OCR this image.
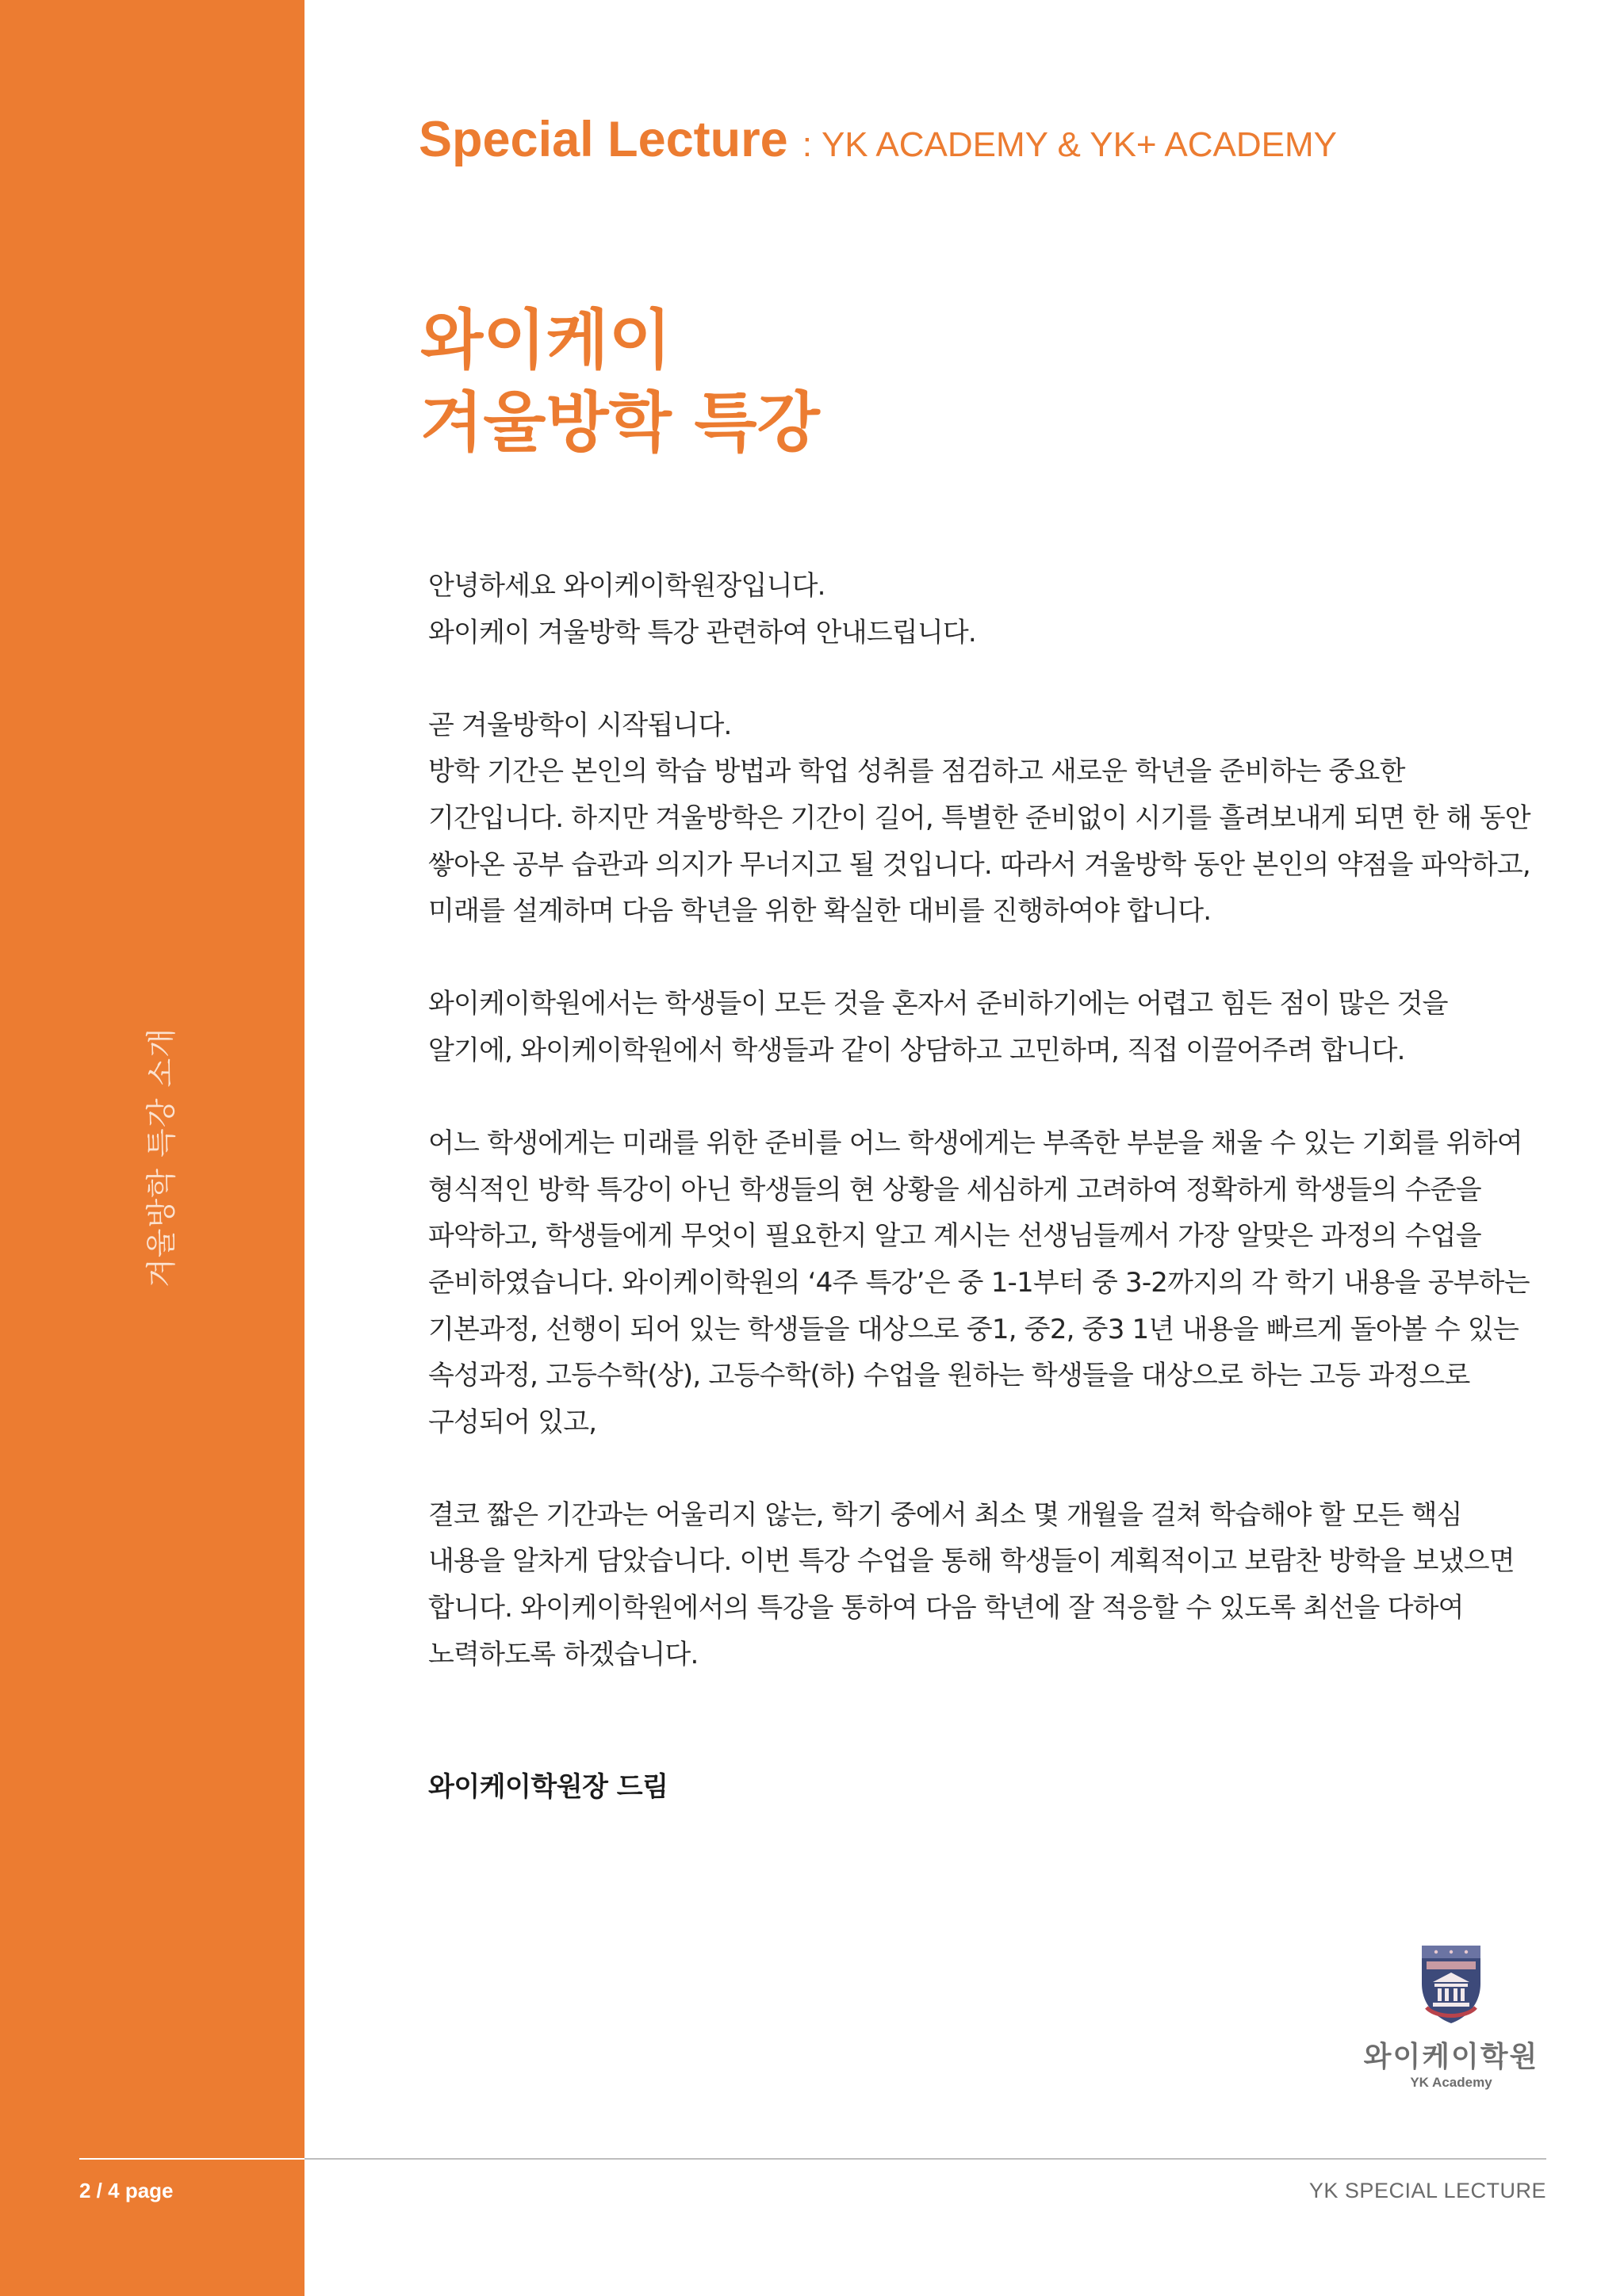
겨울방학 특강 소개
2 / 4 page
Special Lecture : YK ACADEMY & YK+ ACADEMY
와이케이
겨울방학 특강
안녕하세요 와이케이학원장입니다.
와이케이 겨울방학 특강 관련하여 안내드립니다.
곧 겨울방학이 시작됩니다.
방학 기간은 본인의 학습 방법과 학업 성취를 점검하고 새로운 학년을 준비하는 중요한
기간입니다. 하지만 겨울방학은 기간이 길어, 특별한 준비없이 시기를 흘려보내게 되면 한 해 동안
쌓아온 공부 습관과 의지가 무너지고 될 것입니다. 따라서 겨울방학 동안 본인의 약점을 파악하고,
미래를 설계하며 다음 학년을 위한 확실한 대비를 진행하여야 합니다.
와이케이학원에서는 학생들이 모든 것을 혼자서 준비하기에는 어렵고 힘든 점이 많은 것을
알기에, 와이케이학원에서 학생들과 같이 상담하고 고민하며, 직접 이끌어주려 합니다.
어느 학생에게는 미래를 위한 준비를 어느 학생에게는 부족한 부분을 채울 수 있는 기회를 위하여
형식적인 방학 특강이 아닌 학생들의 현 상황을 세심하게 고려하여 정확하게 학생들의 수준을
파악하고, 학생들에게 무엇이 필요한지 알고 계시는 선생님들께서 가장 알맞은 과정의 수업을
준비하였습니다. 와이케이학원의 ‘4주 특강’은 중 1-1부터 중 3-2까지의 각 학기 내용을 공부하는
기본과정, 선행이 되어 있는 학생들을 대상으로 중1, 중2, 중3 1년 내용을 빠르게 돌아볼 수 있는
속성과정, 고등수학(상), 고등수학(하) 수업을 원하는 학생들을 대상으로 하는 고등 과정으로
구성되어 있고,
결코 짧은 기간과는 어울리지 않는, 학기 중에서 최소 몇 개월을 걸쳐 학습해야 할 모든 핵심
내용을 알차게 담았습니다. 이번 특강 수업을 통해 학생들이 계획적이고 보람찬 방학을 보냈으면
합니다. 와이케이학원에서의 특강을 통하여 다음 학년에 잘 적응할 수 있도록 최선을 다하여
노력하도록 하겠습니다.
와이케이학원장 드림
와이케이학원
YK Academy
YK SPECIAL LECTURE
